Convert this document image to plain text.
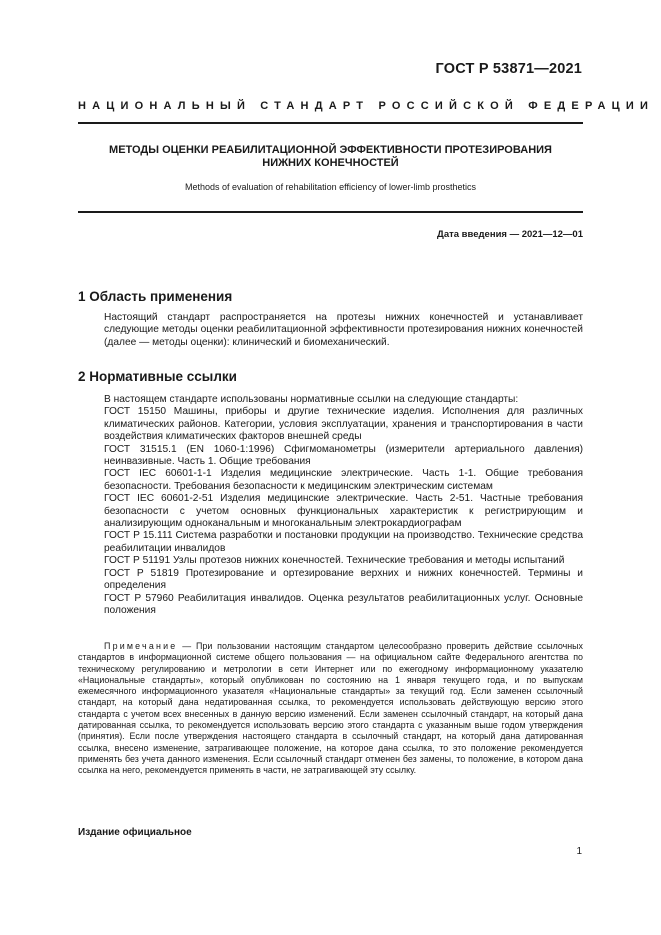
ГОСТ Р 53871—2021
НАЦИОНАЛЬНЫЙ СТАНДАРТ РОССИЙСКОЙ ФЕДЕРАЦИИ
МЕТОДЫ ОЦЕНКИ РЕАБИЛИТАЦИОННОЙ ЭФФЕКТИВНОСТИ ПРОТЕЗИРОВАНИЯ
НИЖНИХ КОНЕЧНОСТЕЙ
Methods of evaluation of rehabilitation efficiency of lower-limb prosthetics
Дата введения — 2021—12—01
1 Область применения

Настоящий стандарт распространяется на протезы нижних конечностей и устанавливает следующие методы оценки реабилитационной эффективности протезирования нижних конечностей (далее — методы оценки): клинический и биомеханический.

2 Нормативные ссылки

В настоящем стандарте использованы нормативные ссылки на следующие стандарты:

ГОСТ 15150 Машины, приборы и другие технические изделия. Исполнения для различных климатических районов. Категории, условия эксплуатации, хранения и транспортирования в части воздействия климатических факторов внешней среды

ГОСТ 31515.1 (EN 1060-1:1996) Сфигмоманометры (измерители артериального давления) неинвазивные. Часть 1. Общие требования

ГОСТ IEC 60601-1-1 Изделия медицинские электрические. Часть 1-1. Общие требования безопасности. Требования безопасности к медицинским электрическим системам

ГОСТ IEC 60601-2-51 Изделия медицинские электрические. Часть 2-51. Частные требования безопасности с учетом основных функциональных характеристик к регистрирующим и анализирующим одноканальным и многоканальным электрокардиографам

ГОСТ Р 15.111 Система разработки и постановки продукции на производство. Технические средства реабилитации инвалидов

ГОСТ Р 51191 Узлы протезов нижних конечностей. Технические требования и методы испытаний

ГОСТ Р 51819 Протезирование и ортезирование верхних и нижних конечностей. Термины и определения

ГОСТ Р 57960 Реабилитация инвалидов. Оценка результатов реабилитационных услуг. Основные положения

Примечание — При пользовании настоящим стандартом целесообразно проверить действие ссылочных стандартов в информационной системе общего пользования — на официальном сайте Федерального агентства по техническому регулированию и метрологии в сети Интернет или по ежегодному информационному указателю «Национальные стандарты», который опубликован по состоянию на 1 января текущего года, и по выпускам ежемесячного информационного указателя «Национальные стандарты» за текущий год. Если заменен ссылочный стандарт, на который дана недатированная ссылка, то рекомендуется использовать действующую версию этого стандарта с учетом всех внесенных в данную версию изменений. Если заменен ссылочный стандарт, на который дана датированная ссылка, то рекомендуется использовать версию этого стандарта с указанным выше годом утверждения (принятия). Если после утверждения настоящего стандарта в ссылочный стандарт, на который дана датированная ссылка, внесено изменение, затрагивающее положение, на которое дана ссылка, то это положение рекомендуется применять без учета данного изменения. Если ссылочный стандарт отменен без замены, то положение, в котором дана ссылка на него, рекомендуется применять в части, не затрагивающей эту ссылку.
Издание официальное
1
